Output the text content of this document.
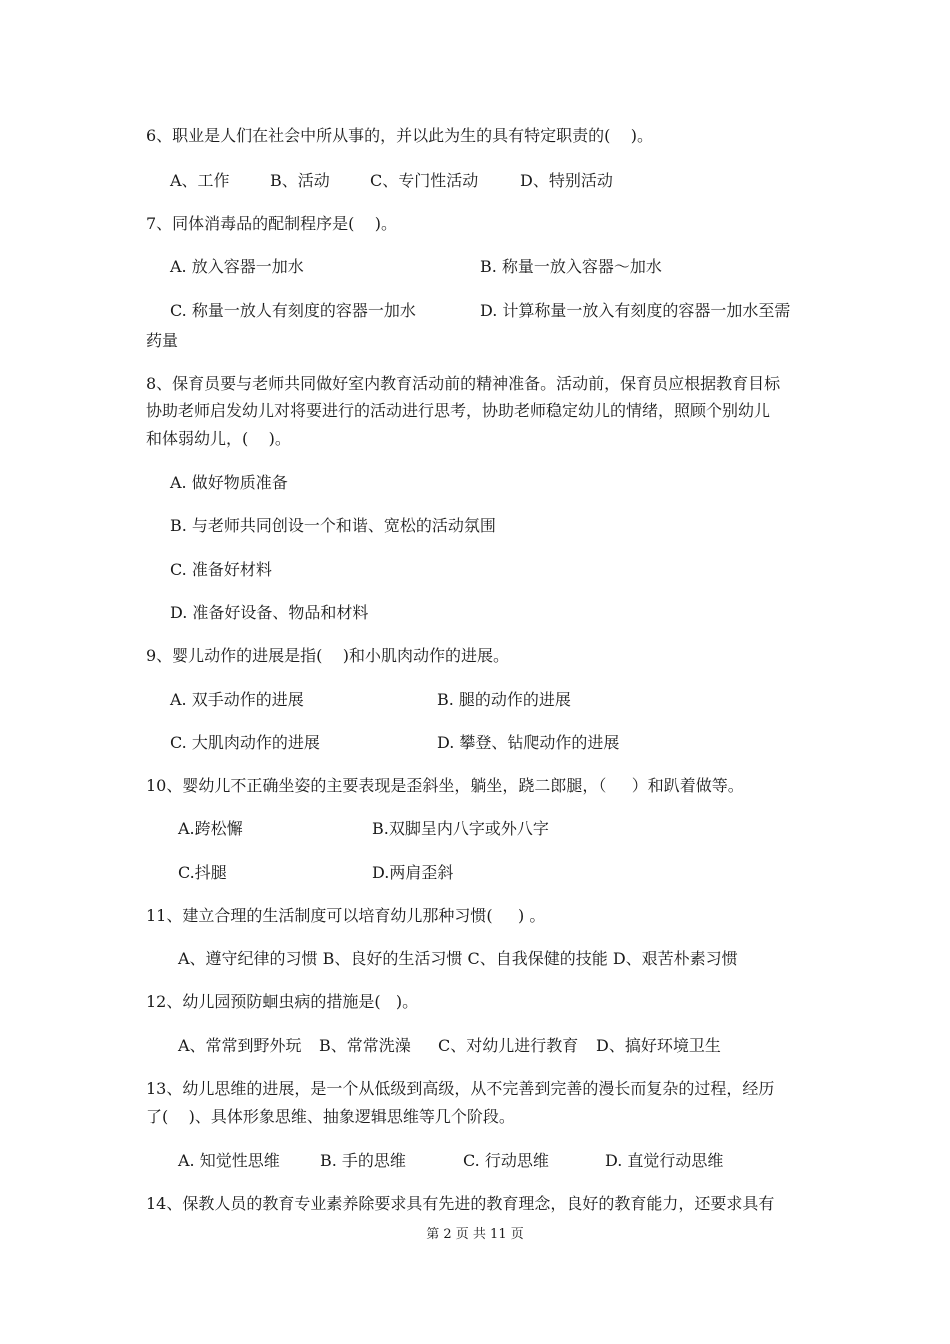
6、职业是人们在社会中所从事的，并以此为生的具有特定职责的(    )。
A、工作	B、活动	C、专门性活动	D、特别活动
7、同体消毒品的配制程序是(    )。
A. 放入容器一加水	B. 称量一放入容器～加水
C. 称量一放人有刻度的容器一加水	D. 计算称量一放入有刻度的容器一加水至需
药量
8、保育员要与老师共同做好室内教育活动前的精神准备。活动前，保育员应根据教育目标
协助老师启发幼儿对将要进行的活动进行思考，协助老师稳定幼儿的情绪，照顾个别幼儿
和体弱幼儿，(    )。
A. 做好物质准备
B. 与老师共同创设一个和谐、宽松的活动氛围
C. 准备好材料
D. 准备好设备、物品和材料
9、婴儿动作的进展是指(    )和小肌肉动作的进展。
A. 双手动作的进展	B. 腿的动作的进展
C. 大肌肉动作的进展	D. 攀登、钻爬动作的进展
10、婴幼儿不正确坐姿的主要表现是歪斜坐，躺坐，跷二郎腿，（     ）和趴着做等。
A.跨松懈	B.双脚呈内八字或外八字
C.抖腿	D.两肩歪斜
11、建立合理的生活制度可以培育幼儿那种习惯(     ) 。
A、遵守纪律的习惯 B、良好的生活习惯 C、自我保健的技能 D、艰苦朴素习惯
12、幼儿园预防蛔虫病的措施是(   )。
A、常常到野外玩 B、常常洗澡 C、对幼儿进行教育 D、搞好环境卫生
13、幼儿思维的进展，是一个从低级到高级，从不完善到完善的漫长而复杂的过程，经历
了(    )、具体形象思维、抽象逻辑思维等几个阶段。
A. 知觉性思维	B. 手的思维	C. 行动思维	D. 直觉行动思维
14、保教人员的教育专业素养除要求具有先进的教育理念，良好的教育能力，还要求具有
第 2 页 共 11 页
